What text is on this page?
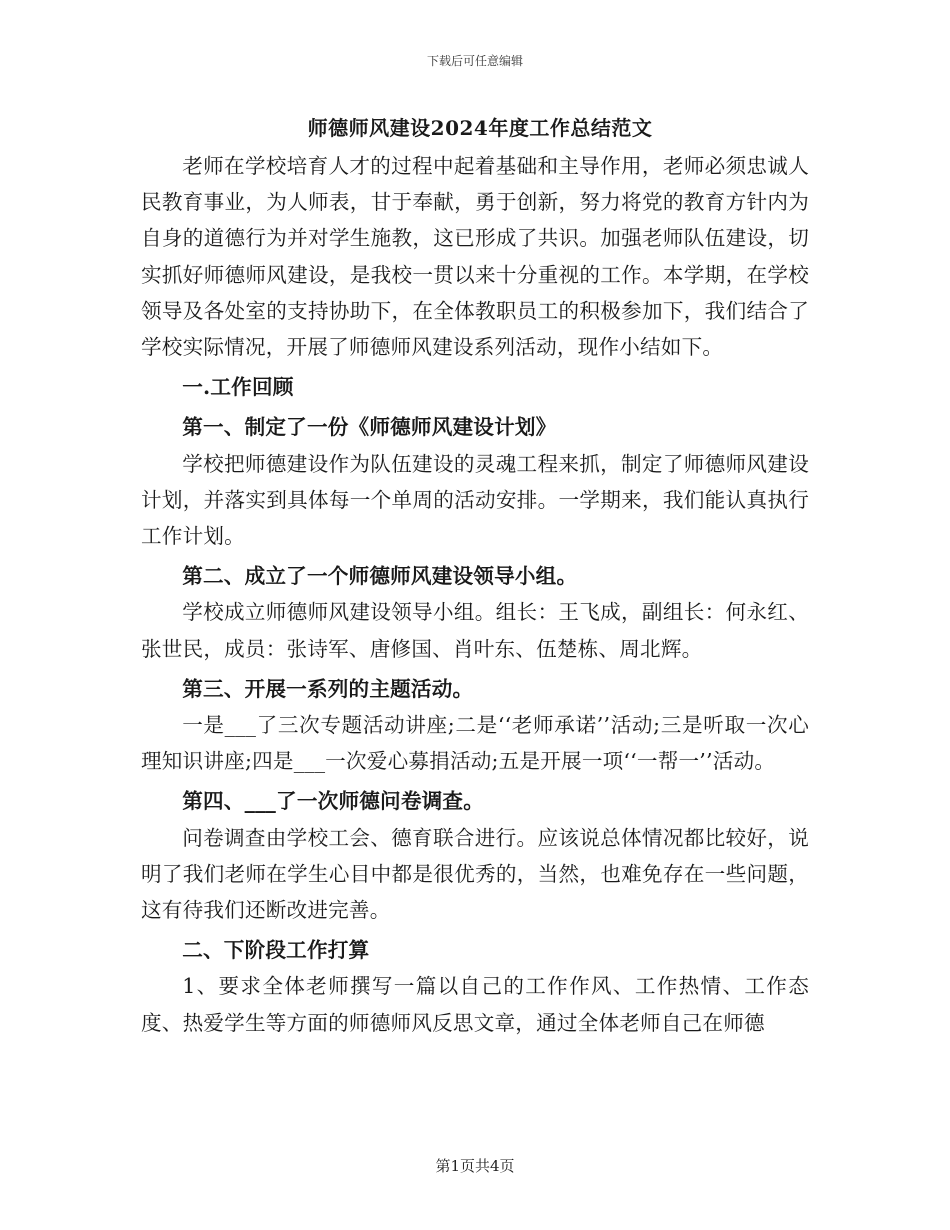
下载后可任意编辑
师德师风建设2024年度工作总结范文

老师在学校培育人才的过程中起着基础和主导作用，老师必须忠诚人民教育事业，为人师表，甘于奉献，勇于创新，努力将党的教育方针内为自身的道德行为并对学生施教，这已形成了共识。加强老师队伍建设，切实抓好师德师风建设，是我校一贯以来十分重视的工作。本学期，在学校领导及各处室的支持协助下，在全体教职员工的积极参加下，我们结合了学校实际情况，开展了师德师风建设系列活动，现作小结如下。

一.工作回顾

第一、制定了一份《师德师风建设计划》

学校把师德建设作为队伍建设的灵魂工程来抓，制定了师德师风建设计划，并落实到具体每一个单周的活动安排。一学期来，我们能认真执行工作计划。

第二、成立了一个师德师风建设领导小组。

学校成立师德师风建设领导小组。组长：王飞成，副组长：何永红、张世民，成员：张诗军、唐修国、肖叶东、伍楚栋、周北辉。

第三、开展一系列的主题活动。

一是___了三次专题活动讲座;二是‘‘老师承诺’’活动;三是听取一次心理知识讲座;四是___一次爱心募捐活动;五是开展一项‘‘一帮一’’活动。

第四、___了一次师德问卷调查。

问卷调查由学校工会、德育联合进行。应该说总体情况都比较好，说明了我们老师在学生心目中都是很优秀的，当然，也难免存在一些问题，这有待我们还断改进完善。

二、下阶段工作打算

1、要求全体老师撰写一篇以自己的工作作风、工作热情、工作态度、热爱学生等方面的师德师风反思文章，通过全体老师自己在师德

第1页共4页
